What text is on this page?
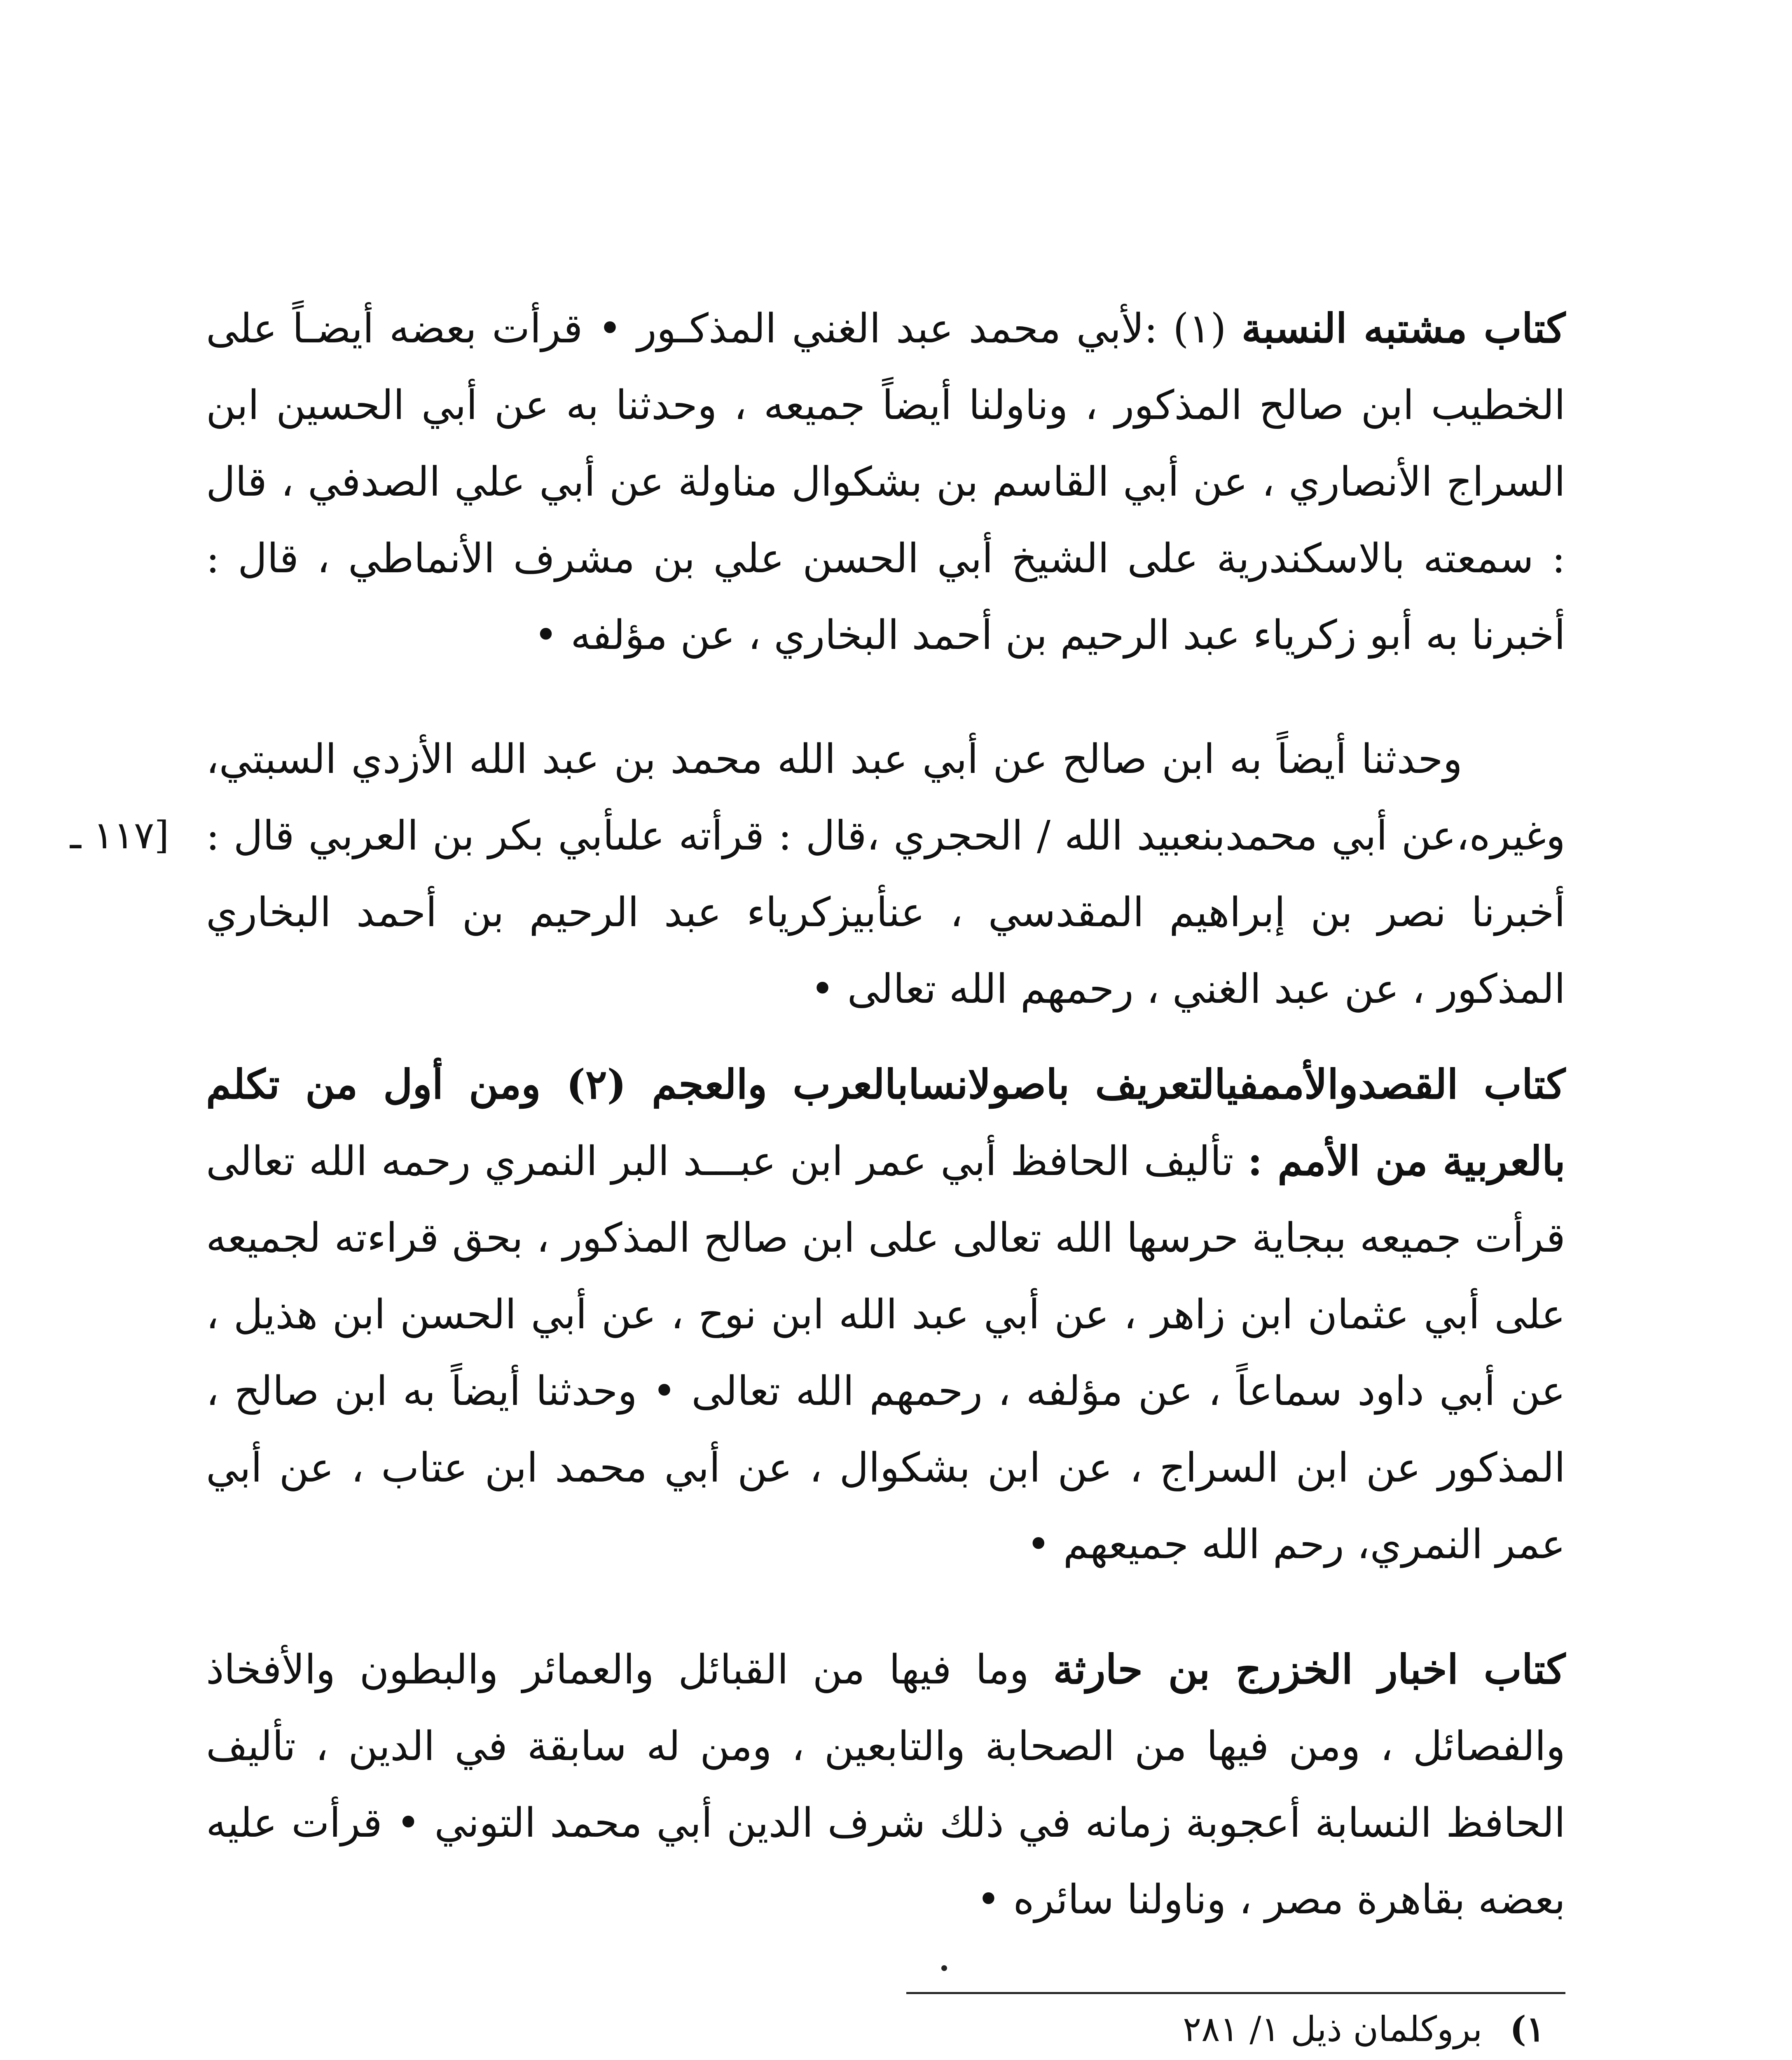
كتاب مشتبه النسبة (١) :لأبي محمد عبد الغني المذكـور • قرأت بعضه أيضـاً على الخطيب ابن صالح المذكور ، وناولنا أيضاً جميعه ، وحدثنا به عن أبي الحسين ابن السراج الأنصاري ، عن أبي القاسم بن بشكوال مناولة عن أبي علي الصدفي ، قال : سمعته بالاسكندرية على الشيخ أبي الحسن علي بن مشرف الأنماطي ، قال : أخبرنا به أبو زكرياء عبد الرحيم بن أحمد البخاري ، عن مؤلفه •

وحدثنا أيضاً به ابن صالح عن أبي عبد الله محمد بن عبد الله الأزدي السبتي، وغيره،عن أبي محمدبنعبيد الله / الحجري ،قال : قرأته علىأبي بكر بن العربي قال : أخبرنا نصر بن إبراهيم المقدسي ، عنأبيزكرياء عبد الرحيم بن أحمد البخاري المذكور ، عن عبد الغني ، رحمهم الله تعالى •

[١١٧ ـ

كتاب القصدوالأممفيالتعريف باصولانسابالعرب والعجم (٢) ومن أول من تكلم بالعربية من الأمم : تأليف الحافظ أبي عمر ابن عبـــد البر النمري رحمه الله تعالى قرأت جميعه ببجاية حرسها الله تعالى على ابن صالح المذكور ، بحق قراءته لجميعه على أبي عثمان ابن زاهر ، عن أبي عبد الله ابن نوح ، عن أبي الحسن ابن هذيل ، عن أبي داود سماعاً ، عن مؤلفه ، رحمهم الله تعالى • وحدثنا أيضاً به ابن صالح ، المذكور عن ابن السراج ، عن ابن بشكوال ، عن أبي محمد ابن عتاب ، عن أبي عمر النمري، رحم الله جميعهم •

كتاب اخبار الخزرج بن حارثة وما فيها من القبائل والعمائر والبطون والأفخاذ والفصائل ، ومن فيها من الصحابة والتابعين ، ومن له سابقة في الدين ، تأليف الحافظ النسابة أعجوبة زمانه في ذلك شرف الدين أبي محمد التوني • قرأت عليه بعضه بقاهرة مصر ، وناولنا سائره •

١) بروكلمان ذيل ١/ ٢٨١
